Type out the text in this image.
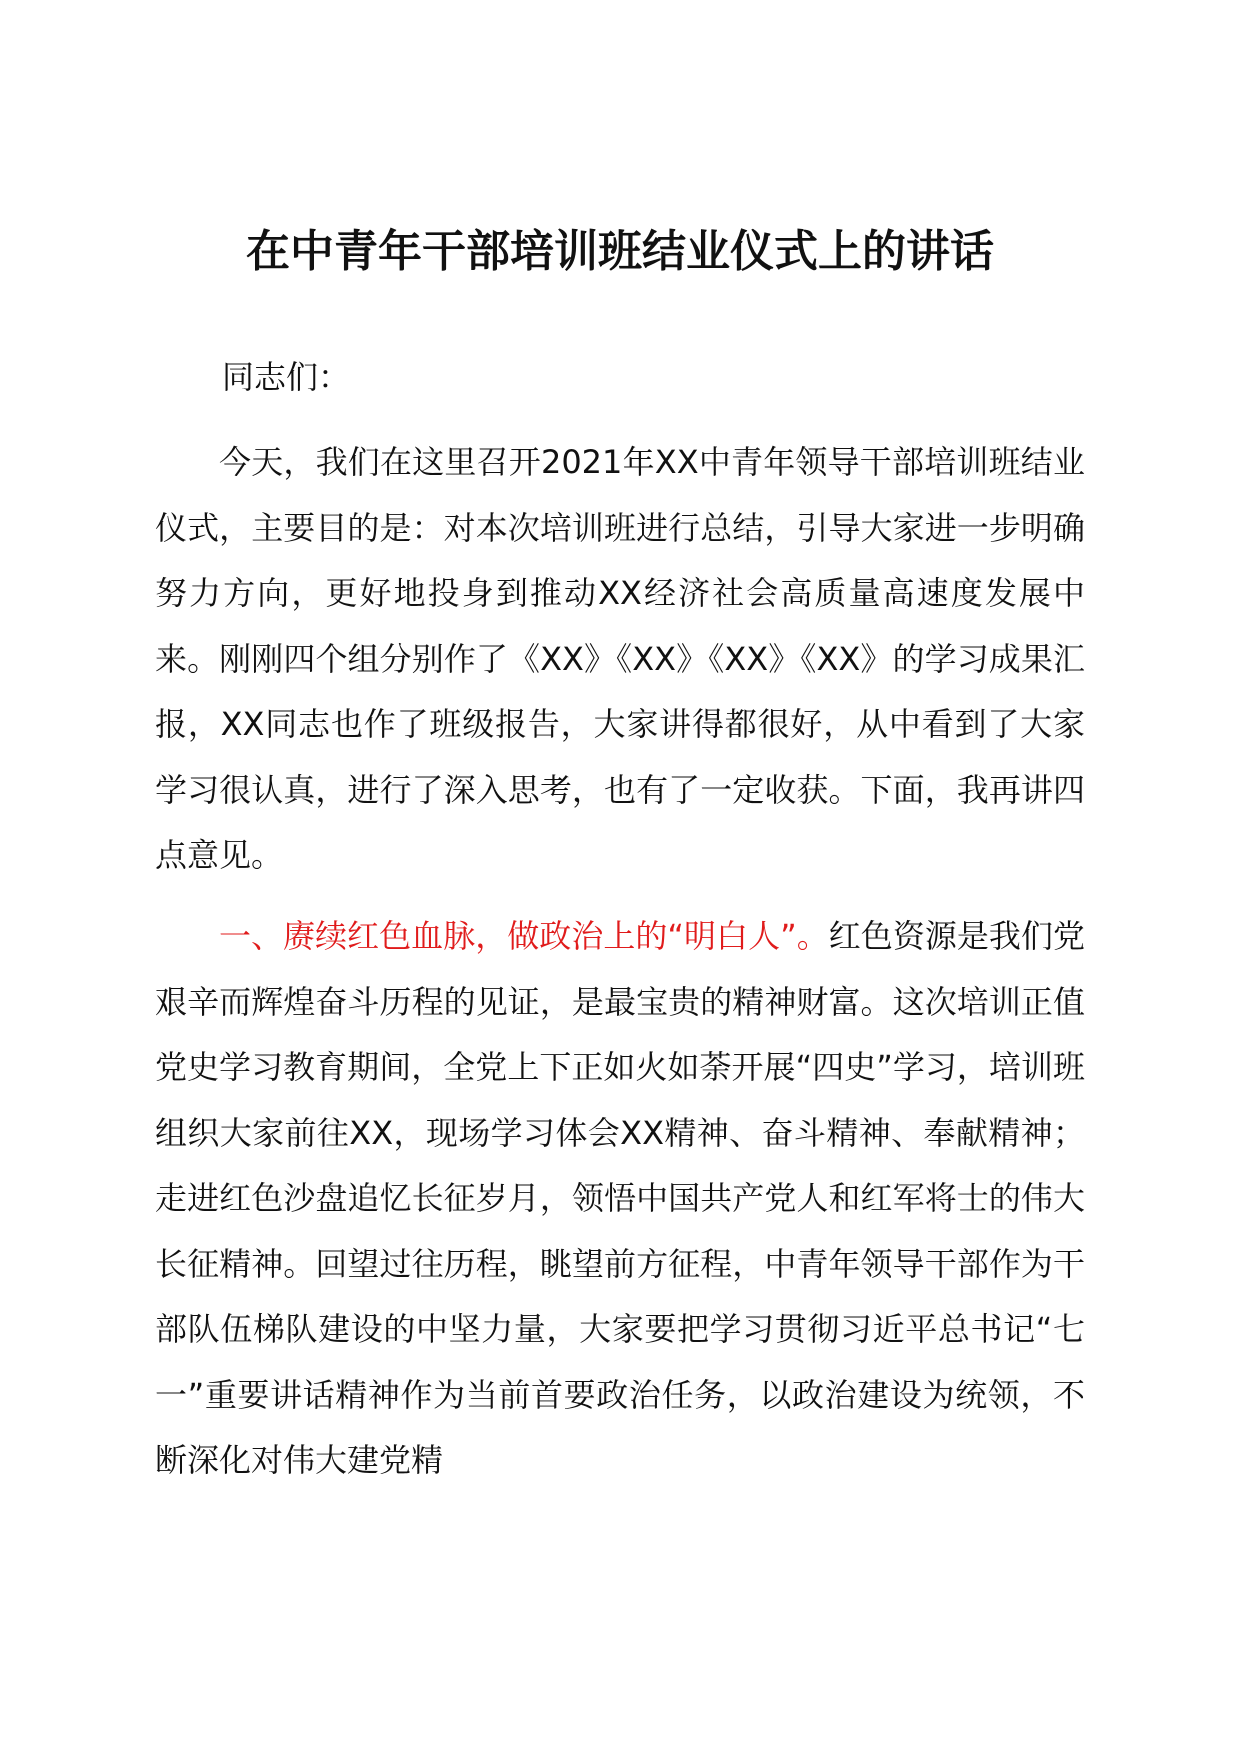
在中青年干部培训班结业仪式上的讲话

同志们：

今天，我们在这里召开2021年XX中青年领导干部培训班结业仪式，主要目的是：对本次培训班进行总结，引导大家进一步明确努力方向，更好地投身到推动XX经济社会高质量高速度发展中来。刚刚四个组分别作了《XX》《XX》《XX》《XX》的学习成果汇报，XX同志也作了班级报告，大家讲得都很好，从中看到了大家学习很认真，进行了深入思考，也有了一定收获。下面，我再讲四点意见。

一、赓续红色血脉，做政治上的“明白人”。红色资源是我们党艰辛而辉煌奋斗历程的见证，是最宝贵的精神财富。这次培训正值党史学习教育期间，全党上下正如火如荼开展“四史”学习，培训班组织大家前往XX，现场学习体会XX精神、奋斗精神、奉献精神；走进红色沙盘追忆长征岁月，领悟中国共产党人和红军将士的伟大长征精神。回望过往历程，眺望前方征程，中青年领导干部作为干部队伍梯队建设的中坚力量，大家要把学习贯彻习近平总书记“七一”重要讲话精神作为当前首要政治任务，以政治建设为统领，不断深化对伟大建党精
